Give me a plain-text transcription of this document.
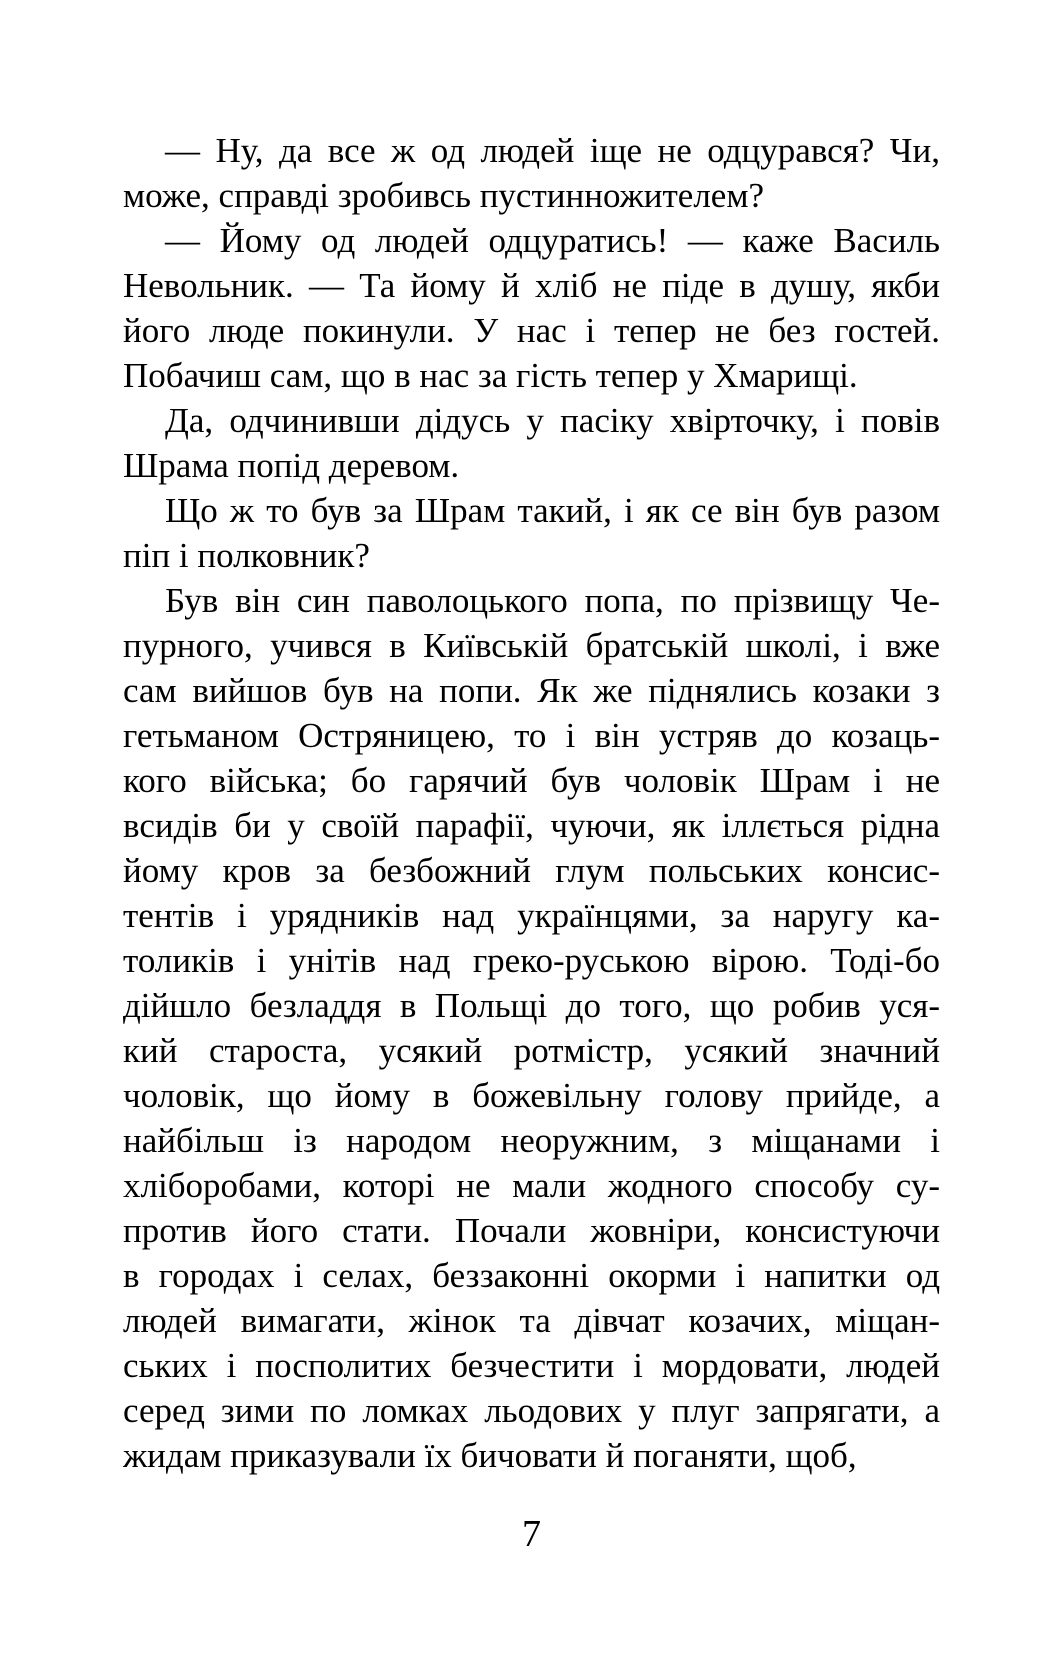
— Ну, да все ж од людей іще не одцурався? Чи,
може, справді зробивсь пустинножителем?
— Йому од людей одцуратись! — каже Василь
Невольник. — Та йому й хліб не піде в душу, якби
його люде покинули. У нас і тепер не без гостей.
Побачиш сам, що в нас за гість тепер у Хмарищі.
Да, одчинивши дідусь у пасіку хвірточку, і повів
Шрама попід деревом.
Що ж то був за Шрам такий, і як се він був разом
піп і полковник?
Був він син паволоцького попа, по прізвищу Че-
пурного, учився в Київській братській школі, і вже
сам вийшов був на попи. Як же піднялись козаки з
гетьманом Остряницею, то і він устряв до козаць-
кого війська; бо гарячий був чоловік Шрам і не
всидів би у своїй парафії, чуючи, як іллється рідна
йому кров за безбожний глум польських консис-
тентів і урядників над українцями, за наругу ка-
толиків і унітів над греко-руською вірою. Тоді-бо
дійшло безладдя в Польщі до того, що робив уся-
кий староста, усякий ротмістр, усякий значний
чоловік, що йому в божевільну голову прийде, а
найбільш із народом неоружним, з міщанами і
хліборобами, которі не мали жодного способу су-
против його стати. Почали жовніри, консистуючи
в городах і селах, беззаконні окорми і напитки од
людей вимагати, жінок та дівчат козачих, міщан-
ських і посполитих безчестити і мордовати, людей
серед зими по ломках льодових у плуг запрягати, а
жидам приказували їх бичовати й поганяти, щоб,
7
